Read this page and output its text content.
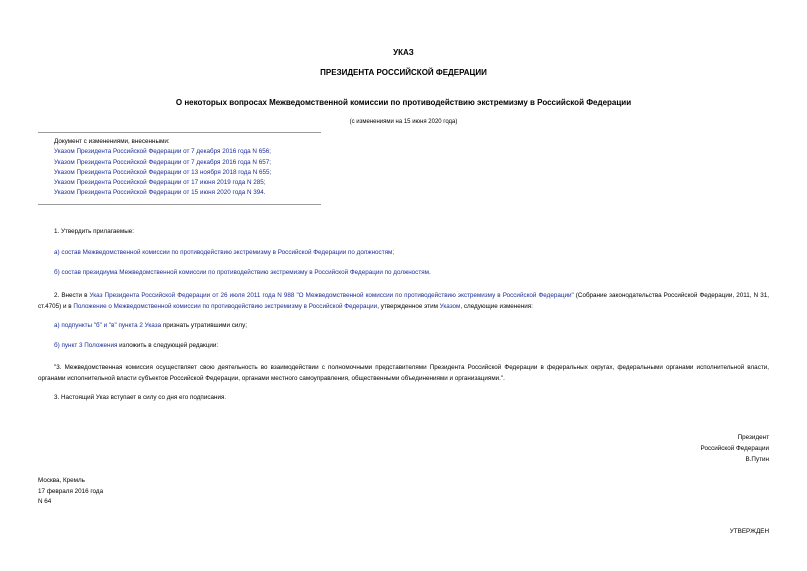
УКАЗ
ПРЕЗИДЕНТА РОССИЙСКОЙ ФЕДЕРАЦИИ
О некоторых вопросах Межведомственной комиссии по противодействию экстремизму в Российской Федерации
(с изменениями на 15 июня 2020 года)
Документ с изменениями, внесенными:
Указом Президента Российской Федерации от 7 декабря 2016 года N 656;
Указом Президента Российской Федерации от 7 декабря 2016 года N 657;
Указом Президента Российской Федерации от 13 ноября 2018 года N 655;
Указом Президента Российской Федерации от 17 июня 2019 года N 285;
Указом Президента Российской Федерации от 15 июня 2020 года N 394.
1. Утвердить прилагаемые:
а) состав Межведомственной комиссии по противодействию экстремизму в Российской Федерации по должностям;
б) состав президиума Межведомственной комиссии по противодействию экстремизму в Российской Федерации по должностям.
2. Внести в Указ Президента Российской Федерации от 26 июля 2011 года N 988 "О Межведомственной комиссии по противодействию экстремизму в Российской Федерации" (Собрание законодательства Российской Федерации, 2011, N 31, ст.4705) и в Положение о Межведомственной комиссии по противодействию экстремизму в Российской Федерации, утвержденное этим Указом, следующие изменения:
а) подпункты "б" и "в" пункта 2 Указа признать утратившими силу;
б) пункт 3 Положения изложить в следующей редакции:
"3. Межведомственная комиссия осуществляет свою деятельность во взаимодействии с полномочными представителями Президента Российской Федерации в федеральных округах, федеральными органами исполнительной власти, органами исполнительной власти субъектов Российской Федерации, органами местного самоуправления, общественными объединениями и организациями.".
3. Настоящий Указ вступает в силу со дня его подписания.
Президент
Российской Федерации
В.Путин
Москва, Кремль
17 февраля 2016 года
N 64
УТВЕРЖДЕН
